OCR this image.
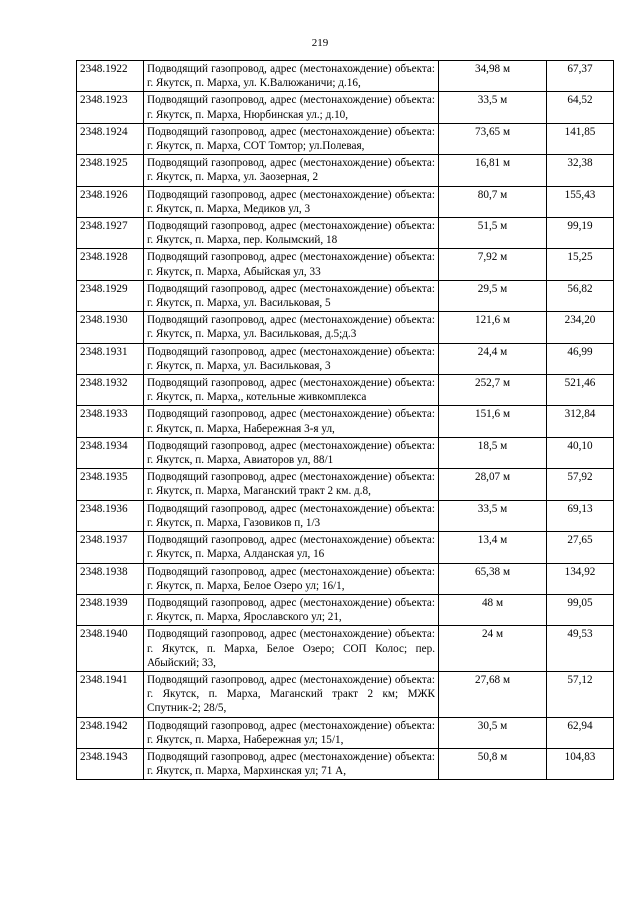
219
2348.1922	Подводящий газопровод, адрес (местонахождение) объекта: г. Якутск, п. Марха, ул. К.Валюжаничи; д.16,	34,98 м	67,37
2348.1923	Подводящий газопровод, адрес (местонахождение) объекта: г. Якутск, п. Марха, Нюрбинская ул.; д.10,	33,5 м	64,52
2348.1924	Подводящий газопровод, адрес (местонахождение) объекта: г. Якутск, п. Марха, СОТ Томтор; ул.Полевая,	73,65 м	141,85
2348.1925	Подводящий газопровод, адрес (местонахождение) объекта: г. Якутск, п. Марха, ул. Заозерная, 2	16,81 м	32,38
2348.1926	Подводящий газопровод, адрес (местонахождение) объекта: г. Якутск, п. Марха, Медиков ул, 3	80,7 м	155,43
2348.1927	Подводящий газопровод, адрес (местонахождение) объекта: г. Якутск, п. Марха, пер. Колымский, 18	51,5 м	99,19
2348.1928	Подводящий газопровод, адрес (местонахождение) объекта: г. Якутск, п. Марха, Абыйская ул, 33	7,92 м	15,25
2348.1929	Подводящий газопровод, адрес (местонахождение) объекта: г. Якутск, п. Марха, ул. Васильковая, 5	29,5 м	56,82
2348.1930	Подводящий газопровод, адрес (местонахождение) объекта: г. Якутск, п. Марха, ул. Васильковая, д.5;д.3	121,6 м	234,20
2348.1931	Подводящий газопровод, адрес (местонахождение) объекта: г. Якутск, п. Марха, ул. Васильковая, 3	24,4 м	46,99
2348.1932	Подводящий газопровод, адрес (местонахождение) объекта: г. Якутск, п. Марха,, котельные живкомплекса	252,7 м	521,46
2348.1933	Подводящий газопровод, адрес (местонахождение) объекта: г. Якутск, п. Марха, Набережная 3-я ул,	151,6 м	312,84
2348.1934	Подводящий газопровод, адрес (местонахождение) объекта: г. Якутск, п. Марха, Авиаторов ул, 88/1	18,5 м	40,10
2348.1935	Подводящий газопровод, адрес (местонахождение) объекта: г. Якутск, п. Марха, Маганский тракт 2 км. д.8,	28,07 м	57,92
2348.1936	Подводящий газопровод, адрес (местонахождение) объекта: г. Якутск, п. Марха, Газовиков п, 1/3	33,5 м	69,13
2348.1937	Подводящий газопровод, адрес (местонахождение) объекта: г. Якутск, п. Марха, Алданская ул, 16	13,4 м	27,65
2348.1938	Подводящий газопровод, адрес (местонахождение) объекта: г. Якутск, п. Марха, Белое Озеро ул; 16/1,	65,38 м	134,92
2348.1939	Подводящий газопровод, адрес (местонахождение) объекта: г. Якутск, п. Марха, Ярославского ул; 21,	48 м	99,05
2348.1940	Подводящий газопровод, адрес (местонахождение) объекта: г. Якутск, п. Марха, Белое Озеро; СОП Колос; пер. Абыйский; 33,	24 м	49,53
2348.1941	Подводящий газопровод, адрес (местонахождение) объекта: г. Якутск, п. Марха, Маганский тракт 2 км; МЖК Спутник-2; 28/5,	27,68 м	57,12
2348.1942	Подводящий газопровод, адрес (местонахождение) объекта: г. Якутск, п. Марха, Набережная ул; 15/1,	30,5 м	62,94
2348.1943	Подводящий газопровод, адрес (местонахождение) объекта: г. Якутск, п. Марха, Мархинская ул; 71 А,	50,8 м	104,83
